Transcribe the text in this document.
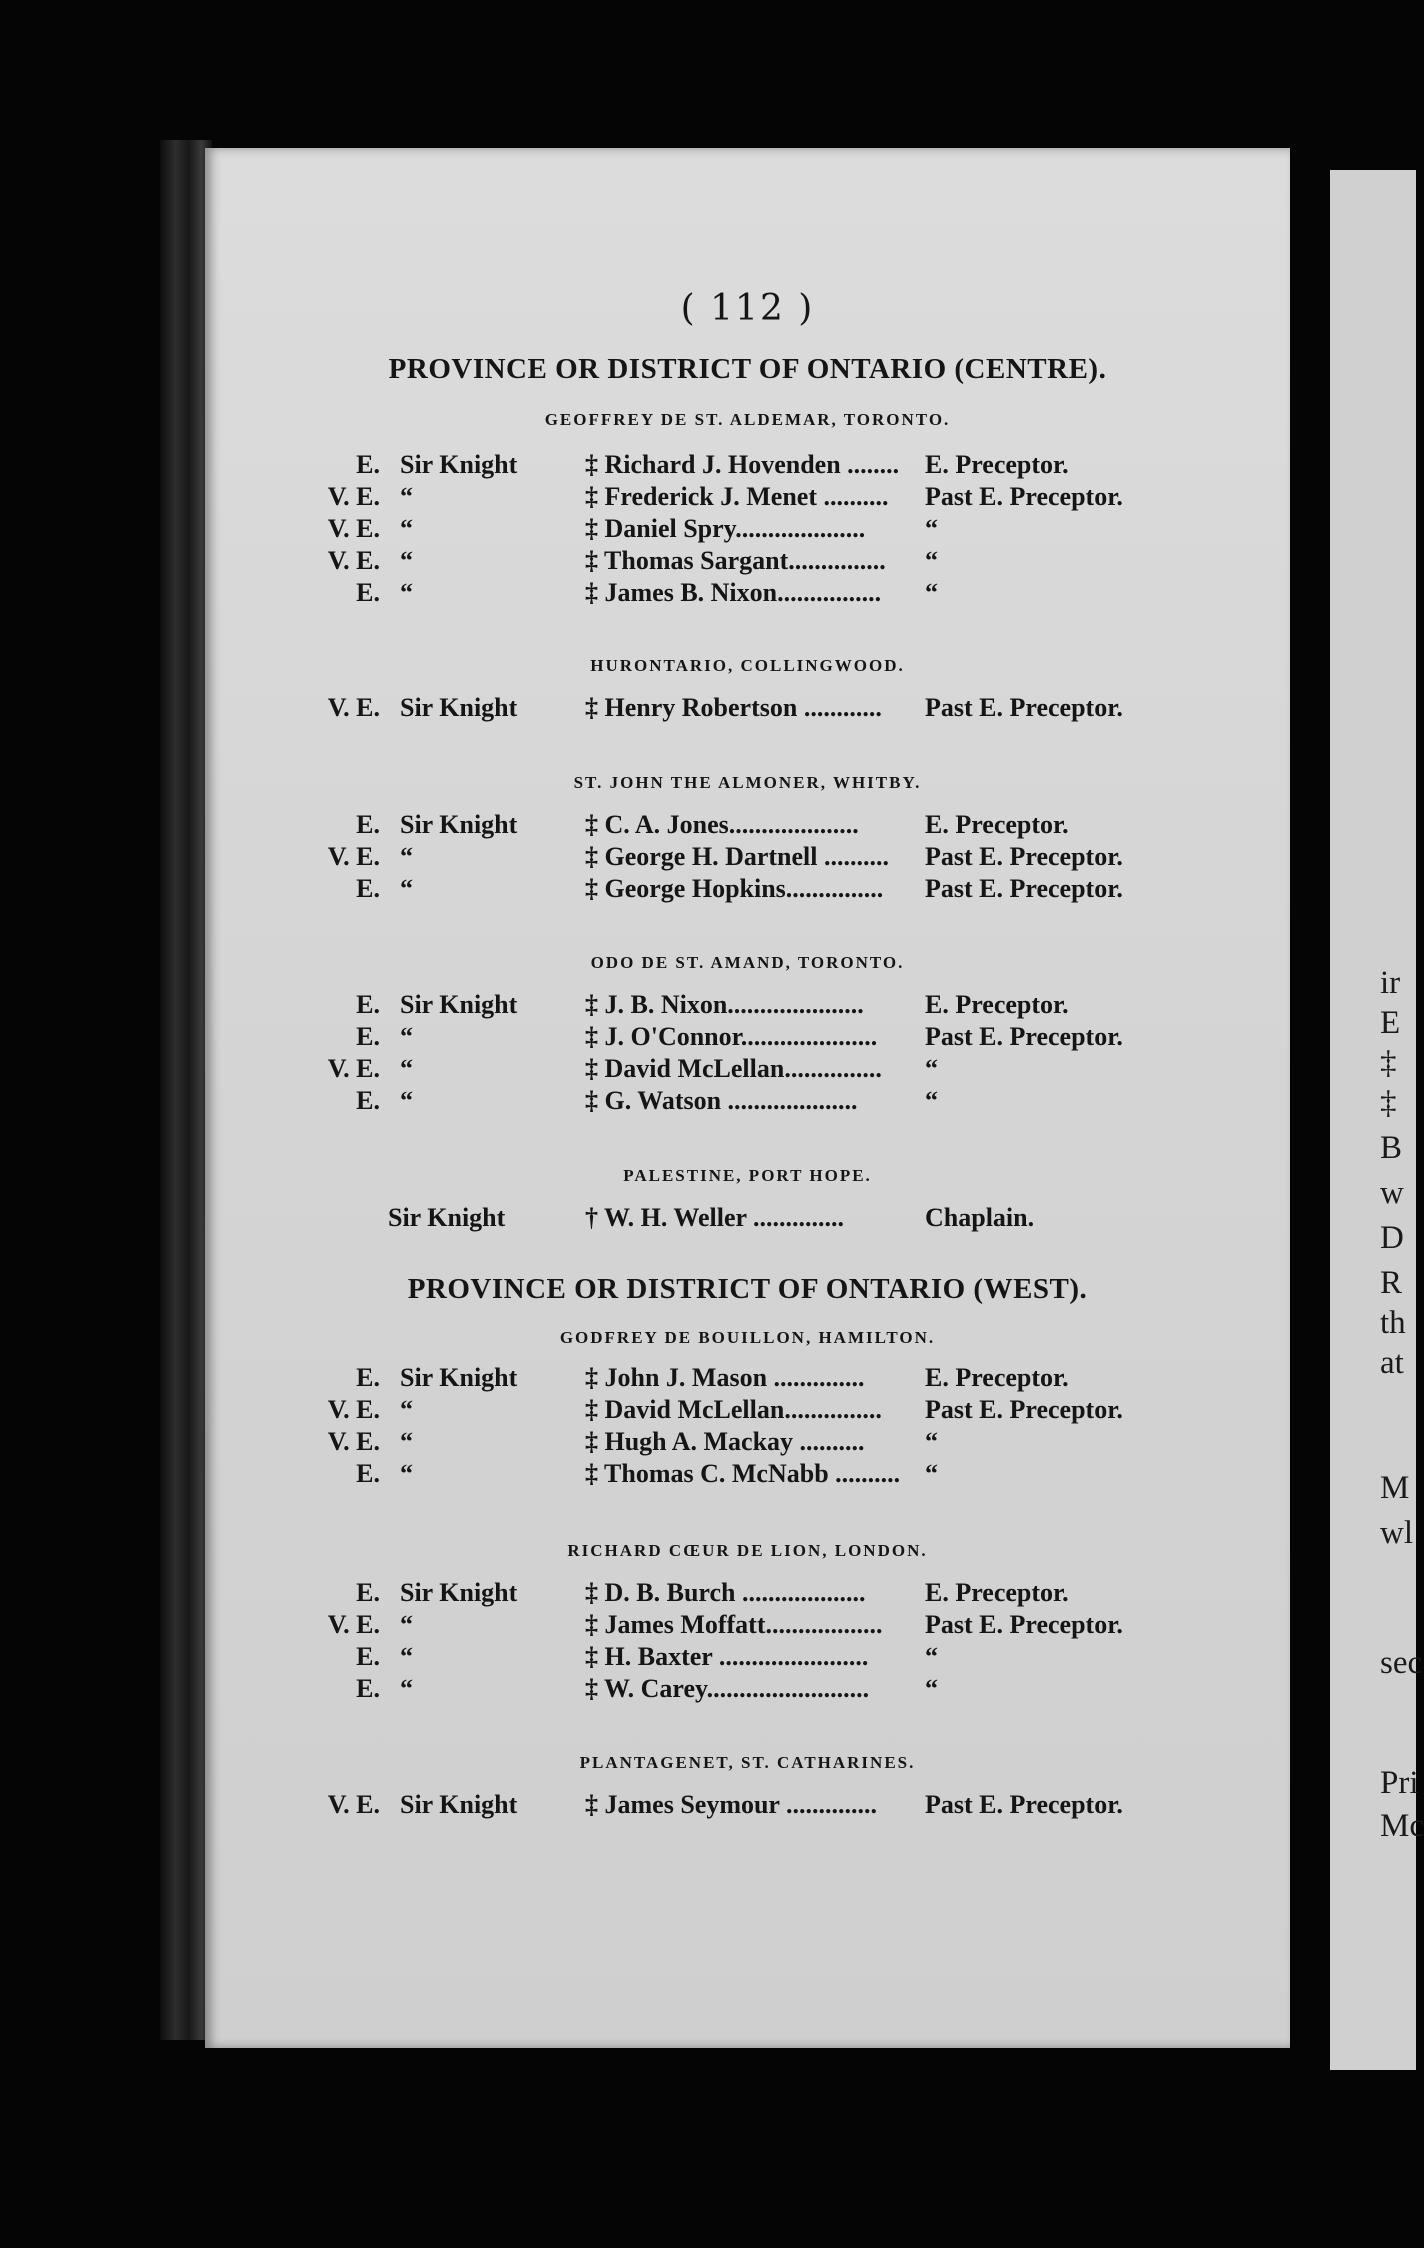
( 112 )
PROVINCE OR DISTRICT OF ONTARIO (CENTRE).
GEOFFREY DE ST. ALDEMAR, TORONTO.
E. Sir Knight	‡ Richard J. Hovenden ........ E. Preceptor.
V. E. “	‡ Frederick J. Menet .......... Past E. Preceptor.
V. E. “	‡ Daniel Spry.................... “
V. E. “	‡ Thomas Sargant............... “
E. “	‡ James B. Nixon................ “
HURONTARIO, COLLINGWOOD.
V. E. Sir Knight	‡ Henry Robertson ............ Past E. Preceptor.
ST. JOHN THE ALMONER, WHITBY.
E. Sir Knight	‡ C. A. Jones....................	E. Preceptor.
V. E. “	‡ George H. Dartnell .......... Past E. Preceptor.
E. “	‡ George Hopkins............... Past E. Preceptor.
ODO DE ST. AMAND, TORONTO.
E. Sir Knight	‡ J. B. Nixon..................... E. Preceptor.
E. “	‡ J. O'Connor..................... Past E. Preceptor.
V. E. “	‡ David McLellan............... “
E. “	‡ G. Watson ....................	“
PALESTINE, PORT HOPE.
Sir Knight	† W. H. Weller ..............	Chaplain.
PROVINCE OR DISTRICT OF ONTARIO (WEST).
GODFREY DE BOUILLON, HAMILTON.
E. Sir Knight	‡ John J. Mason .............. E. Preceptor.
V. E. “	‡ David McLellan............... Past E. Preceptor.
V. E. “	‡ Hugh A. Mackay .......... “
E. “	‡ Thomas C. McNabb .......... “
RICHARD CŒUR DE LION, LONDON.
E. Sir Knight	‡ D. B. Burch ................... E. Preceptor.
V. E. “	‡ James Moffatt.................. Past E. Preceptor.
E. “	‡ H. Baxter ....................... “
E. “	‡ W. Carey......................... “
PLANTAGENET, ST. CATHARINES.
V. E. Sir Knight	‡ James Seymour .............. Past E. Preceptor.
ir
E
‡
‡
B
w
D
R
th
at
M
wl
sec
Pri
Mc
